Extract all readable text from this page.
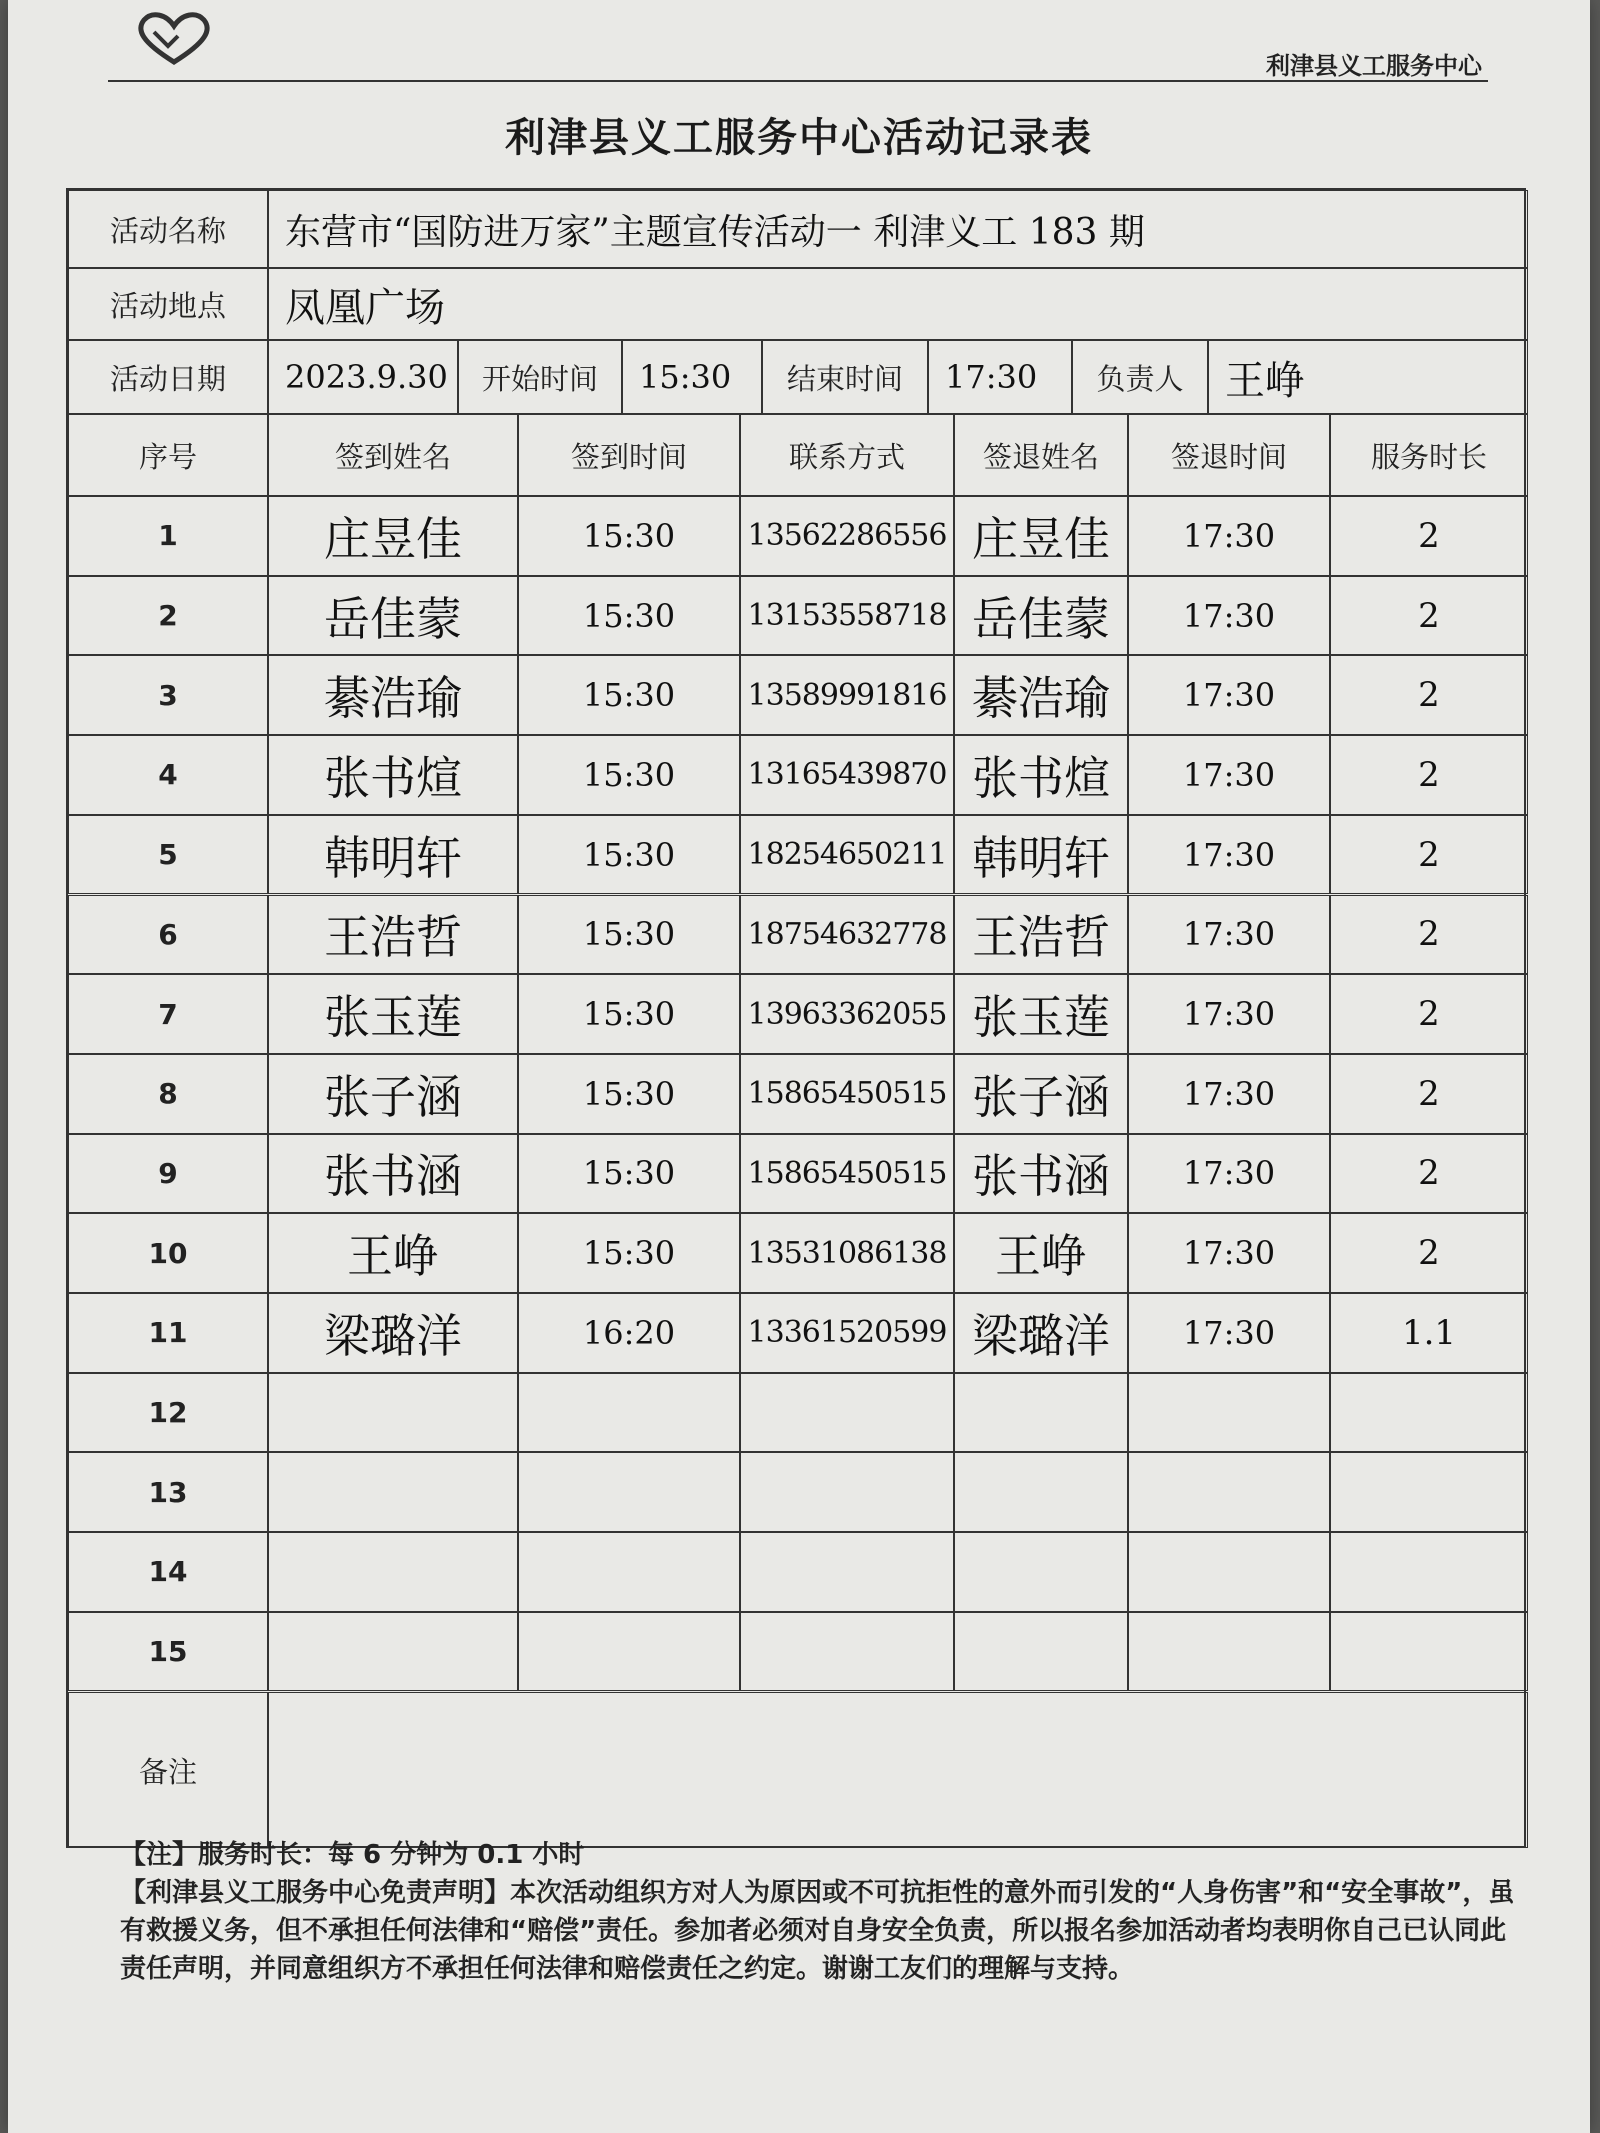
利津县义工服务中心
利津县义工服务中心活动记录表
活动名称	东营市“国防进万家”主题宣传活动一 利津义工 183 期
活动地点	凤凰广场
活动日期	2023.9.30	开始时间	15:30	结束时间	17:30	负责人	王峥
序号	签到姓名	签到时间	联系方式	签退姓名	签退时间	服务时长
1	庄昱佳	15:30	13562286556 庄昱佳	17:30	2
2	岳佳蒙	15:30	13153558718 岳佳蒙	17:30	2
3	綦浩瑜	15:30	13589991816 綦浩瑜	17:30	2
4	张书煊	15:30	13165439870 张书煊	17:30	2
5	韩明轩	15:30	18254650211 韩明轩	17:30	2
6	王浩哲	15:30	18754632778 王浩哲	17:30	2
7	张玉莲	15:30	13963362055 张玉莲	17:30	2
8	张子涵	15:30	15865450515 张子涵	17:30	2
9	张书涵	15:30	15865450515 张书涵	17:30	2
10	王峥	15:30	13531086138	王峥	17:30	2
11	梁璐洋	16:20	13361520599 梁璐洋	17:30	1.1
12
13
14
15
备注

【注】服务时长：每 6 分钟为 0.1 小时

【利津县义工服务中心免责声明】本次活动组织方对人为原因或不可抗拒性的意外而引发的“人身伤害”和“安全事故”，虽有救援义务，但不承担任何法律和“赔偿”责任。参加者必须对自身安全负责，所以报名参加活动者均表明你自己已认同此责任声明，并同意组织方不承担任何法律和赔偿责任之约定。谢谢工友们的理解与支持。
